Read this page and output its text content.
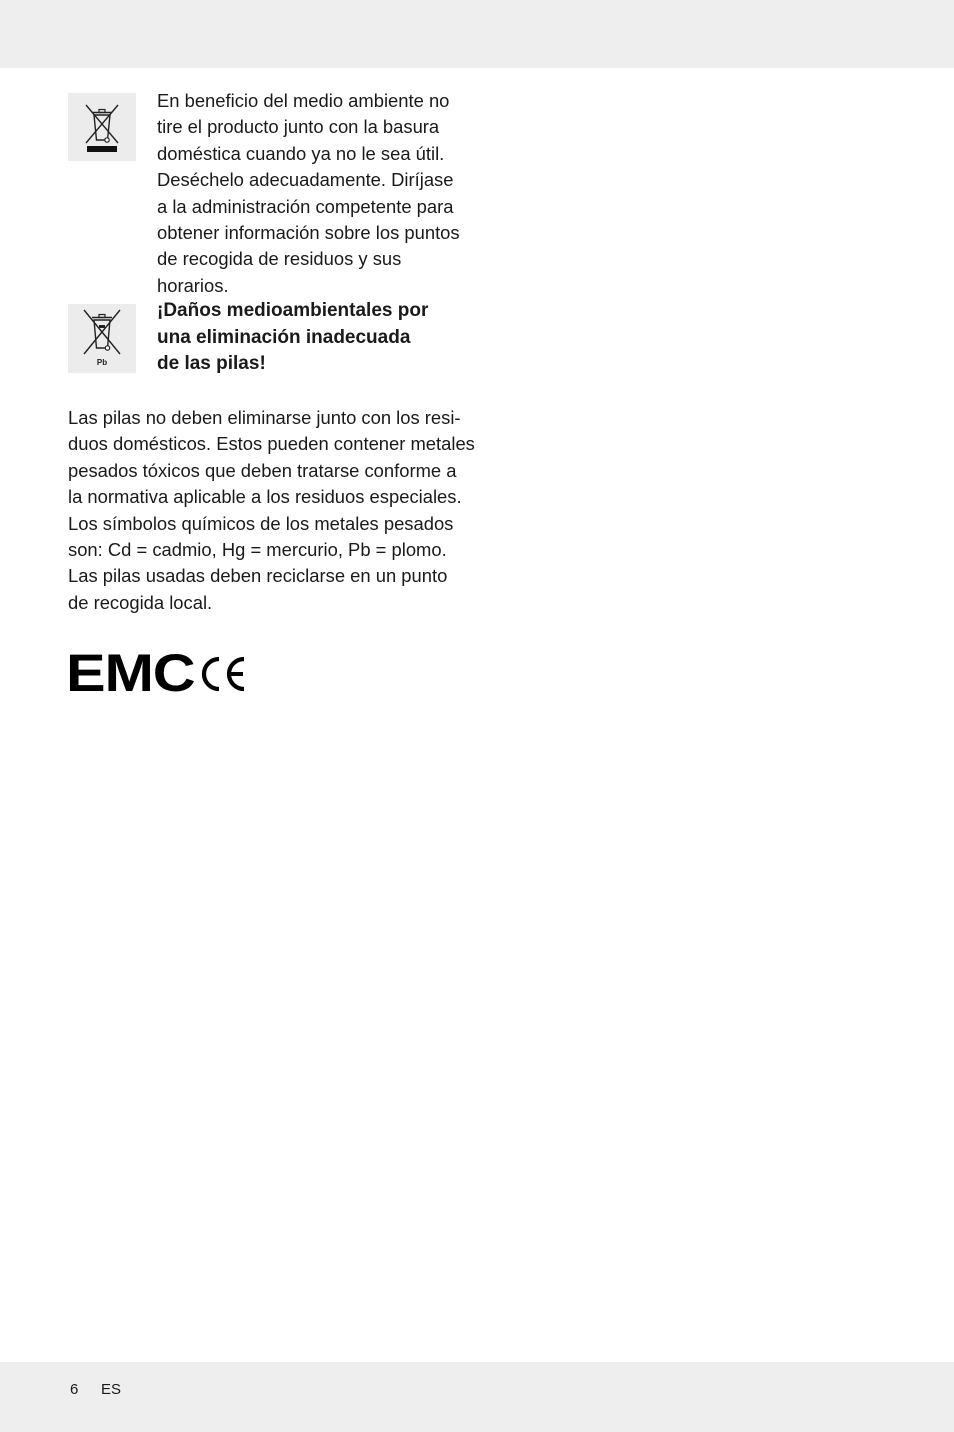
En beneficio del medio ambiente no
tire el producto junto con la basura
doméstica cuando ya no le sea útil.
Deséchelo adecuadamente. Diríjase
a la administración competente para
obtener información sobre los puntos
de recogida de residuos y sus horarios.

Pb

¡Daños medioambientales por
una eliminación inadecuada
de las pilas!

Las pilas no deben eliminarse junto con los resi-
duos domésticos. Estos pueden contener metales
pesados tóxicos que deben tratarse conforme a
la normativa aplicable a los residuos especiales.
Los símbolos químicos de los metales pesados
son: Cd = cadmio, Hg = mercurio, Pb = plomo.
Las pilas usadas deben reciclarse en un punto
de recogida local.

EMC
6 ES
